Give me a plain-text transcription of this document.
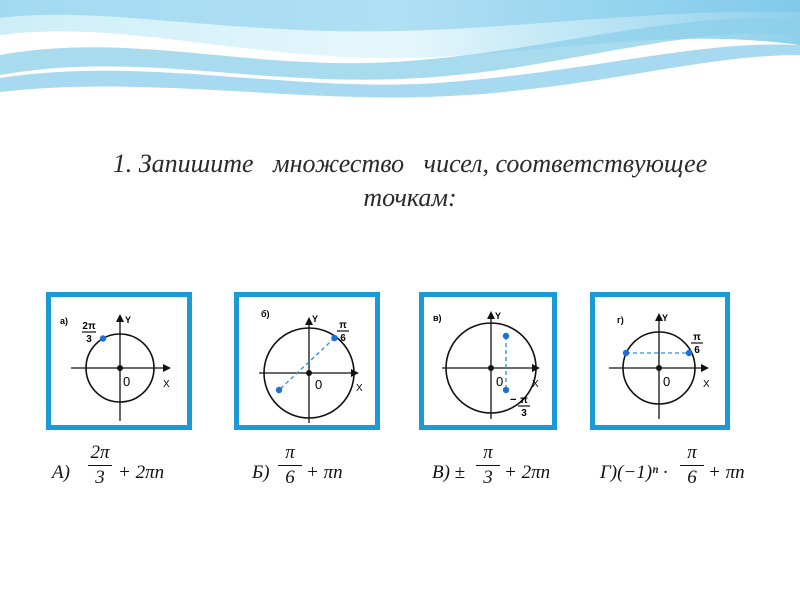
1. Запишите   множество   чисел, соответствующее
точкам:
а)	Y
X
0
2π
3
б)	Y
X
0
π
6
в)	Y
X
0
− π
3
г)	Y
X
0
π
6
A)
2π
3 + 2πn	Б)
π
6 + πn	B) ±
π
3 + 2πn	Г)(−1)ⁿ ·
π
6 + πn
